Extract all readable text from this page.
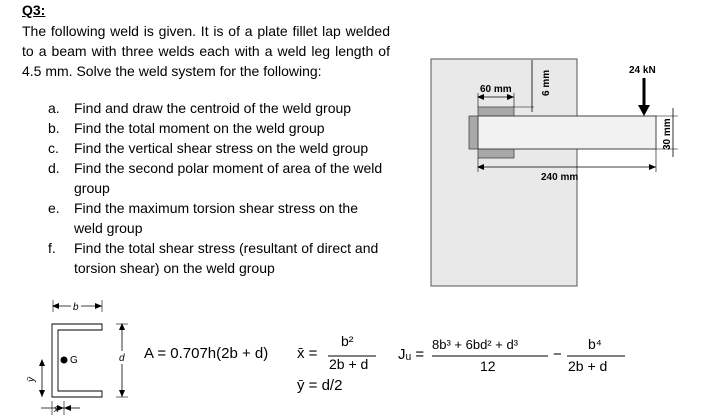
Q3:
The following weld is given. It is of a plate fillet lap welded to a beam with three welds each with a weld leg length of 4.5 mm. Solve the weld system for the following:
a.	Find and draw the centroid of the weld group
b.	Find the total moment on the weld group
c.	Find the vertical shear stress on the weld group
d.	Find the second polar moment of area of the weld group
e.	Find the maximum torsion shear stress on the weld group
f.	Find the total shear stress (resultant of direct and torsion shear) on the weld group
60 mm	6 mm
240 mm
24 kN
30 mm
b
G	d
ȳ
x̄
A = 0.707h(2b + d) x̄ =
b²
2b + d
ȳ = d/2
Jᵤ =
8b³ + 6bd² + d³
12
−
b⁴
2b + d
